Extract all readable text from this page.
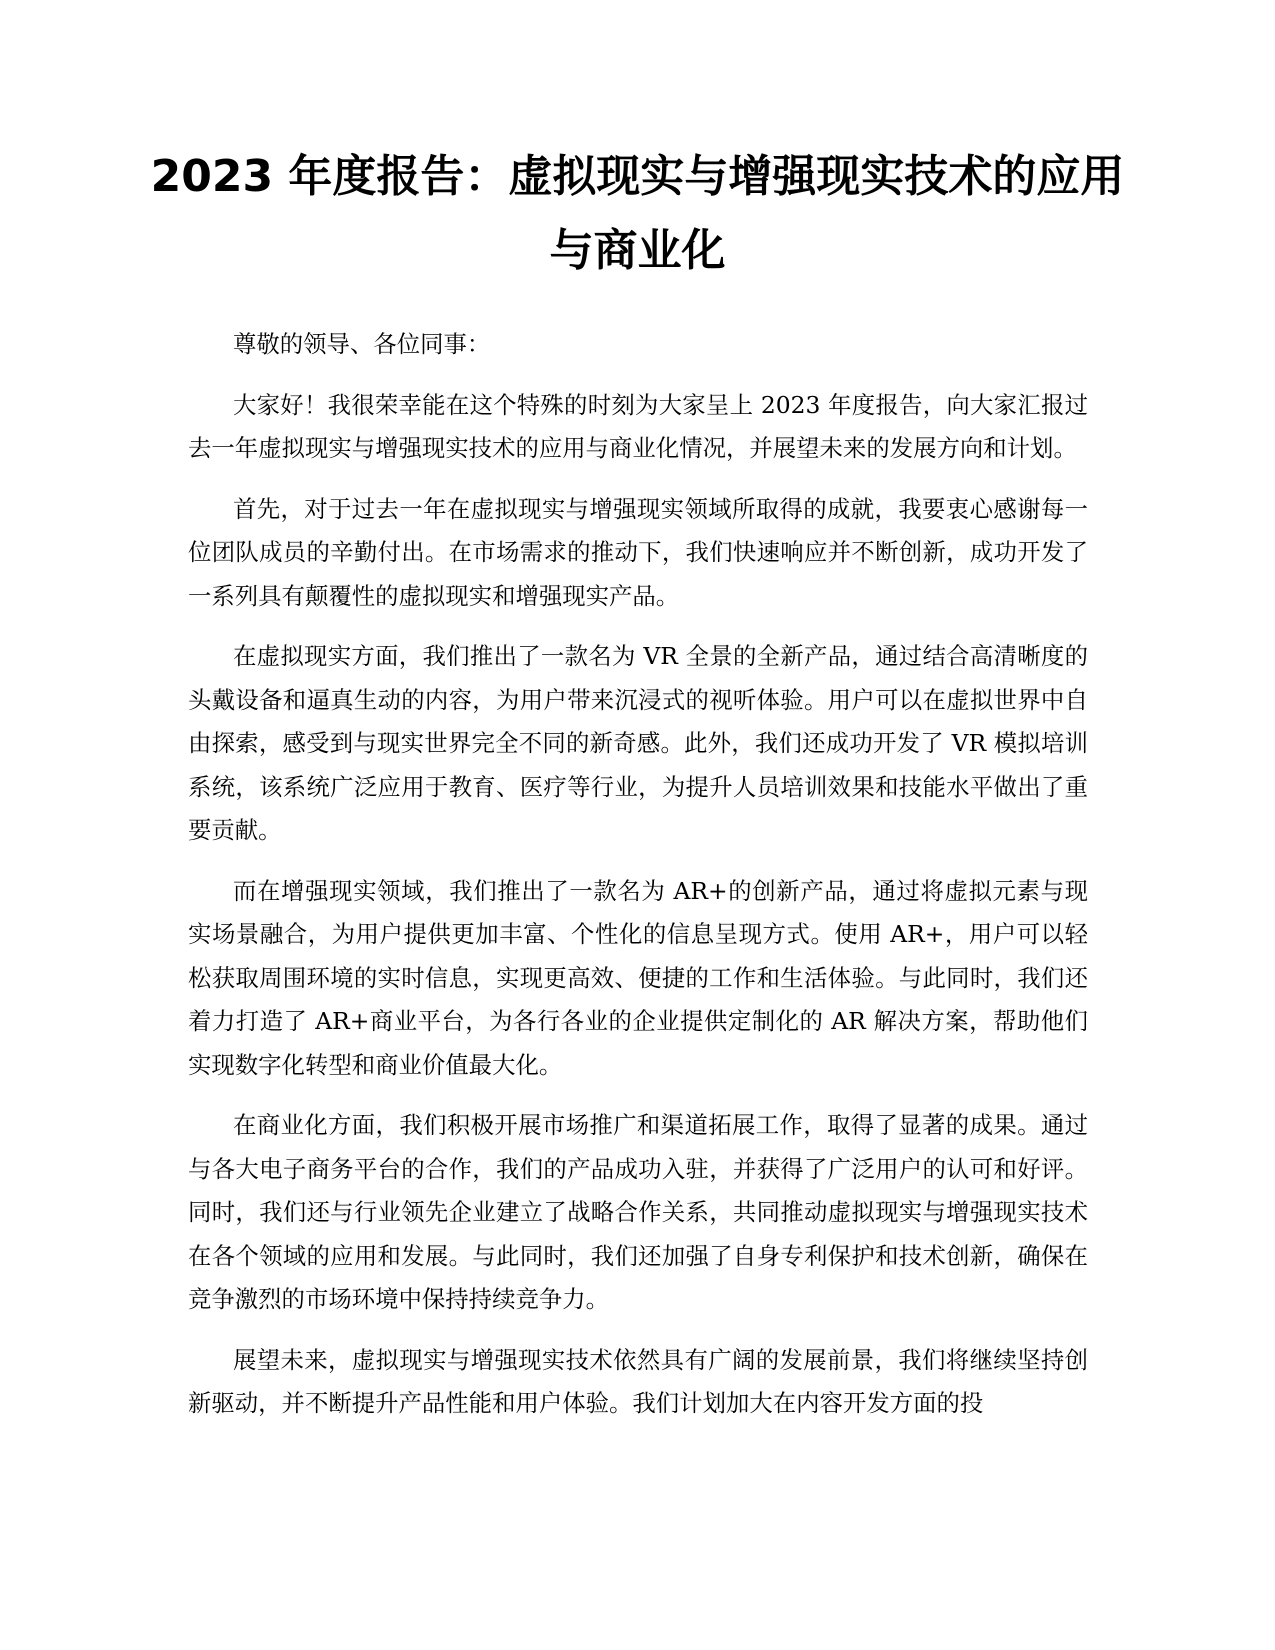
2023 年度报告：虚拟现实与增强现实技术的应用与商业化

尊敬的领导、各位同事：

大家好！我很荣幸能在这个特殊的时刻为大家呈上 2023 年度报告，向大家汇报过去一年虚拟现实与增强现实技术的应用与商业化情况，并展望未来的发展方向和计划。

首先，对于过去一年在虚拟现实与增强现实领域所取得的成就，我要衷心感谢每一位团队成员的辛勤付出。在市场需求的推动下，我们快速响应并不断创新，成功开发了一系列具有颠覆性的虚拟现实和增强现实产品。

在虚拟现实方面，我们推出了一款名为 VR 全景的全新产品，通过结合高清晰度的头戴设备和逼真生动的内容，为用户带来沉浸式的视听体验。用户可以在虚拟世界中自由探索，感受到与现实世界完全不同的新奇感。此外，我们还成功开发了 VR 模拟培训系统，该系统广泛应用于教育、医疗等行业，为提升人员培训效果和技能水平做出了重要贡献。

而在增强现实领域，我们推出了一款名为 AR+的创新产品，通过将虚拟元素与现实场景融合，为用户提供更加丰富、个性化的信息呈现方式。使用 AR+，用户可以轻松获取周围环境的实时信息，实现更高效、便捷的工作和生活体验。与此同时，我们还着力打造了 AR+商业平台，为各行各业的企业提供定制化的 AR 解决方案，帮助他们实现数字化转型和商业价值最大化。

在商业化方面，我们积极开展市场推广和渠道拓展工作，取得了显著的成果。通过与各大电子商务平台的合作，我们的产品成功入驻，并获得了广泛用户的认可和好评。同时，我们还与行业领先企业建立了战略合作关系，共同推动虚拟现实与增强现实技术在各个领域的应用和发展。与此同时，我们还加强了自身专利保护和技术创新，确保在竞争激烈的市场环境中保持持续竞争力。

展望未来，虚拟现实与增强现实技术依然具有广阔的发展前景，我们将继续坚持创新驱动，并不断提升产品性能和用户体验。我们计划加大在内容开发方面的投
